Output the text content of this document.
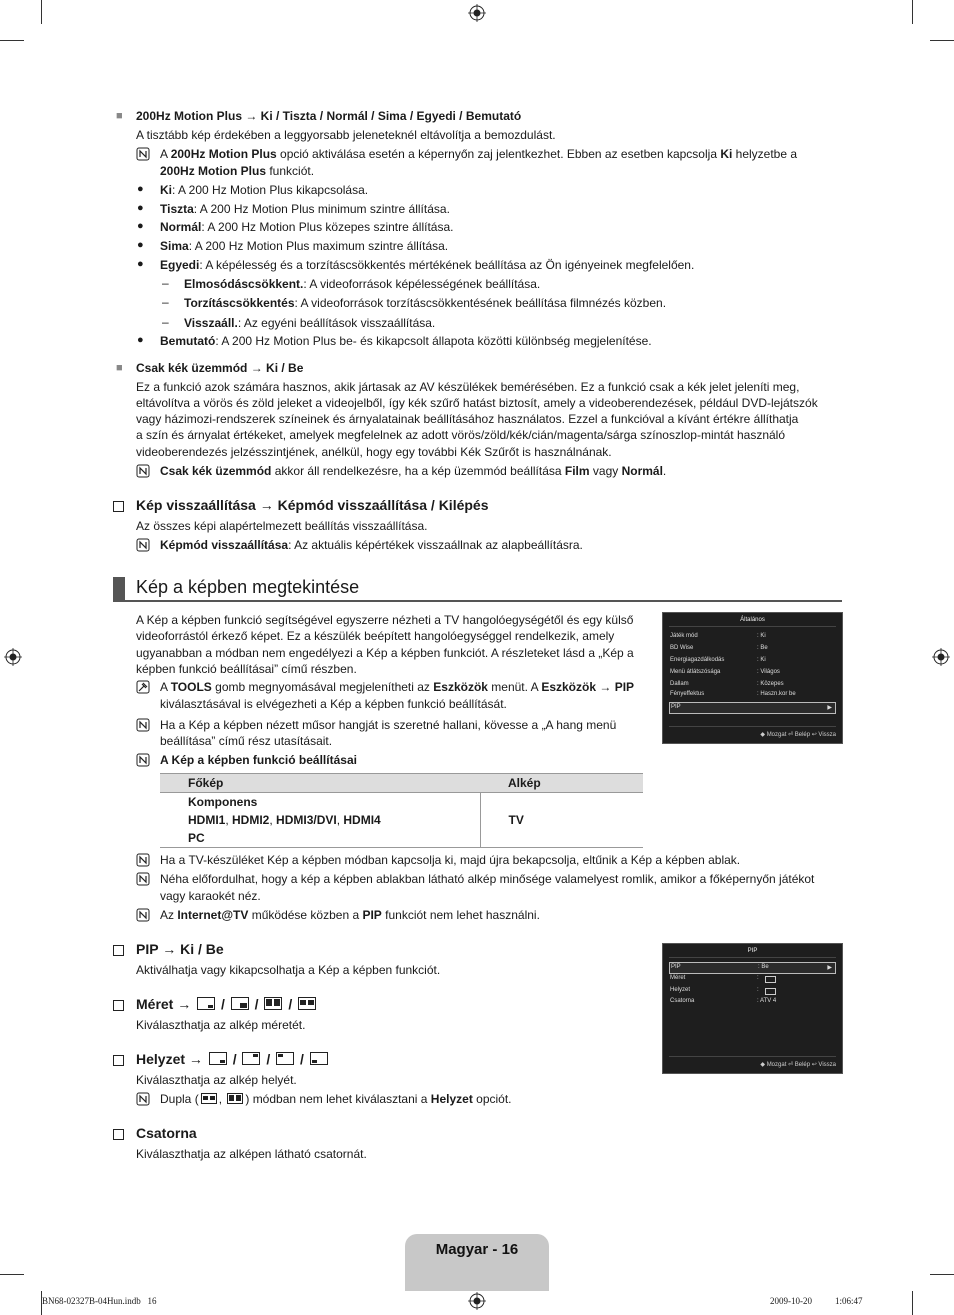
■ 200Hz Motion Plus → Ki / Tiszta / Normál / Sima / Egyedi / Bemutató
A tisztább kép érdekében a leggyorsabb jeleneteknél eltávolítja a bemozdulást.
A 200Hz Motion Plus opció aktiválása esetén a képernyőn zaj jelentkezhet. Ebben az esetben kapcsolja Ki helyzetbe a
200Hz Motion Plus funkciót.
● Ki: A 200 Hz Motion Plus kikapcsolása.
● Tiszta: A 200 Hz Motion Plus minimum szintre állítása.
● Normál: A 200 Hz Motion Plus közepes szintre állítása.
● Sima: A 200 Hz Motion Plus maximum szintre állítása.
● Egyedi: A képélesség és a torzításcsökkentés mértékének beállítása az Ön igényeinek megfelelően.
– Elmosódáscsökkent.: A videoforrások képélességének beállítása.
– Torzításcsökkentés: A videoforrások torzításcsökkentésének beállítása filmnézés közben.
– Visszaáll.: Az egyéni beállítások visszaállítása.
● Bemutató: A 200 Hz Motion Plus be- és kikapcsolt állapota közötti különbség megjelenítése.
■ Csak kék üzemmód → Ki / Be
Ez a funkció azok számára hasznos, akik jártasak az AV készülékek bemérésében. Ez a funkció csak a kék jelet jeleníti meg,
eltávolítva a vörös és zöld jeleket a videojelből, így kék szűrő hatást biztosít, amely a videoberendezések, például DVD-lejátszók
vagy házimozi-rendszerek színeinek és árnyalatainak beállításához használatos. Ezzel a funkcióval a kívánt értékre állíthatja
a szín és árnyalat értékeket, amelyek megfelelnek az adott vörös/zöld/kék/cián/magenta/sárga színoszlop-mintát használó
videoberendezés jelzésszintjének, anélkül, hogy egy további Kék Szűrőt is használnának.
Csak kék üzemmód akkor áll rendelkezésre, ha a kép üzemmód beállítása Film vagy Normál.
Kép visszaállítása → Képmód visszaállítása / Kilépés
Az összes képi alapértelmezett beállítás visszaállítása.
Képmód visszaállítása: Az aktuális képértékek visszaállnak az alapbeállításra.
Kép a képben megtekintése
A Kép a képben funkció segítségével egyszerre nézheti a TV hangolóegységétől és egy külső
videoforrástól érkező képet. Ez a készülék beépített hangolóegységgel rendelkezik, amely
ugyanabban a módban nem engedélyezi a Kép a képben funkciót. A részleteket lásd a „Kép a
képben funkció beállításai” című részben.
A TOOLS gomb megnyomásával megjelenítheti az Eszközök menüt. A Eszközök → PIP
kiválasztásával is elvégezheti a Kép a képben funkció beállítását.
Ha a Kép a képben nézett műsor hangját is szeretné hallani, kövesse a „A hang menü
beállítása” című rész utasításait.
A Kép a képben funkció beállításai
Főkép	Alkép

Komponens
HDMI1, HDMI2, HDMI3/DVI, HDMI4
PC	TV
Ha a TV-készüléket Kép a képben módban kapcsolja ki, majd újra bekapcsolja, eltűnik a Kép a képben ablak.
Néha előfordulhat, hogy a kép a képben ablakban látható alkép minősége valamelyest romlik, amikor a főképernyőn játékot
vagy karaokét néz.
Az Internet@TV működése közben a PIP funkciót nem lehet használni.
PIP → Ki / Be
Aktiválhatja vagy kikapcsolhatja a Kép a képben funkciót.
Méret →
/
/
/
Kiválaszthatja az alkép méretét.
Helyzet →
/
/
/
Kiválaszthatja az alkép helyét.
Dupla ( ,
) módban nem lehet kiválasztani a Helyzet opciót.
Csatorna
Kiválaszthatja az alképen látható csatornát.
Általános
Játék mód	: Ki
BD Wise	: Be
Energiagazdálkodás	: Ki
Menü átlátszósága	: Világos
Dallam	: Közepes
Fényeffektus	: Haszn.kor be
PIP	▶
◆ Mozgat ⏎ Belép ↩ Vissza
PIP
PIP	: Be	▶
Méret	:
Helyzet	:
Csatorna	: ATV 4
◆ Mozgat ⏎ Belép ↩ Vissza
Magyar - 16
BN68-02327B-04Hun.indb   16	2009-10-20   ￿￿ 1:06:47
